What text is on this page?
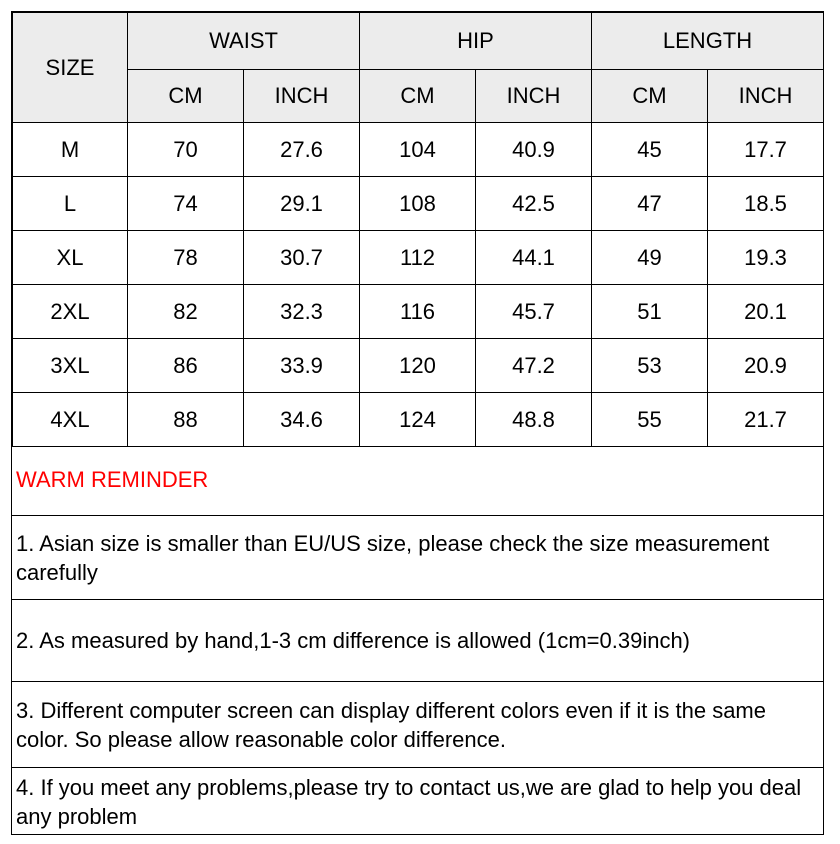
SIZE	WAIST		HIP		LENGTH	
	CM	INCH	CM	INCH	CM	INCH
M	70	27.6	104	40.9	45	17.7
L	74	29.1	108	42.5	47	18.5
XL	78	30.7	112	44.1	49	19.3
2XL	82	32.3	116	45.7	51	20.1
3XL	86	33.9	120	47.2	53	20.9
4XL	88	34.6	124	48.8	55	21.7
WARM REMINDER
1. Asian size is smaller than EU/US size, please check the size measurement carefully
2. As measured by hand,1-3 cm difference is allowed (1cm=0.39inch)
3. Different computer screen can display different colors even if it is the same color. So please allow reasonable color difference.
4. If you meet any problems,please try to contact us,we are glad to help you deal any problem
